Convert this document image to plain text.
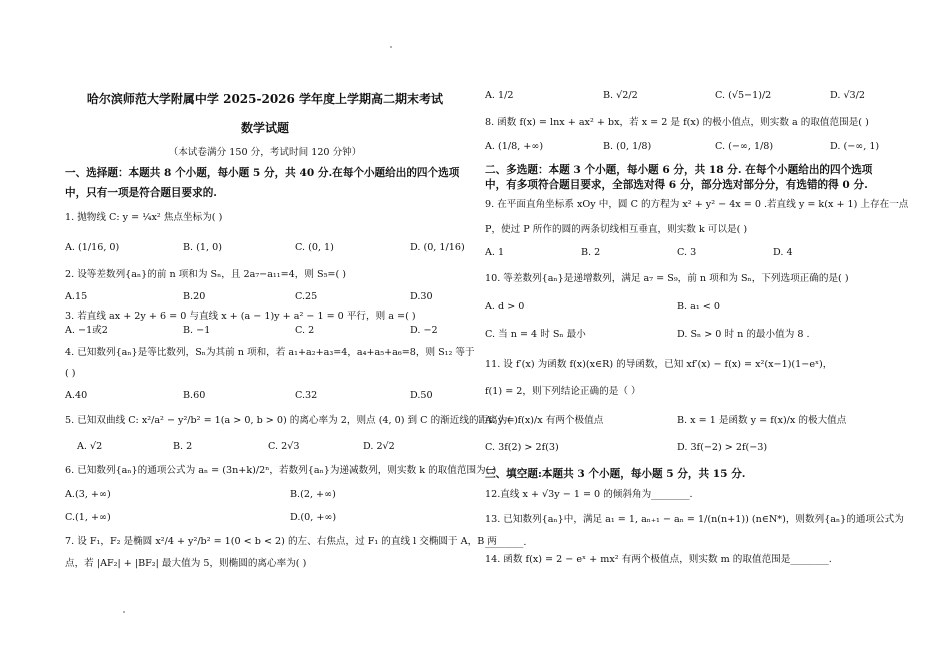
哈尔滨师范大学附属中学 2025-2026 学年度上学期高二期末考试
数学试题
（本试卷满分 150 分，考试时间 120 分钟）
一、选择题：本题共 8 个小题，每小题 5 分，共 40 分.在每个小题给出的四个选项
中，只有一项是符合题目要求的.
1. 抛物线 C: y = ¼x² 焦点坐标为( )
A. (1/16, 0)	B. (1, 0)	C. (0, 1)	D. (0, 1/16)
2. 设等差数列{aₙ}的前 n 项和为 Sₙ，且 2a₇−a₁₁=4，则 S₅=( )
A.15	B.20	C.25	D.30
3. 若直线 ax + 2y + 6 = 0 与直线 x + (a − 1)y + a² − 1 = 0 平行，则 a =( )
A. −1或2	B. −1	C. 2	D. −2
4. 已知数列{aₙ}是等比数列，Sₙ为其前 n 项和，若 a₁+a₂+a₃=4，a₄+a₅+a₆=8，则 S₁₂ 等于
( )
A.40	B.60	C.32	D.50
5. 已知双曲线 C: x²/a² − y²/b² = 1(a > 0, b > 0) 的离心率为 2，则点 (4, 0) 到 C 的渐近线的距离为( )
A. √2	B. 2	C. 2√3	D. 2√2
6. 已知数列{aₙ}的通项公式为 aₙ = (3n+k)/2ⁿ，若数列{aₙ}为递减数列，则实数 k 的取值范围为( )
A.(3, +∞)	B.(2, +∞)
C.(1, +∞)	D.(0, +∞)
7. 设 F₁，F₂ 是椭圆 x²/4 + y²/b² = 1(0 < b < 2) 的左、右焦点，过 F₁ 的直线 l 交椭圆于 A，B 两
点，若 |AF₂| + |BF₂| 最大值为 5，则椭圆的离心率为( )
A. 1/2	B. √2/2	C. (√5−1)/2	D. √3/2
8. 函数 f(x) = lnx + ax² + bx，若 x = 2 是 f(x) 的极小值点，则实数 a 的取值范围是( )
A. (1/8, +∞)	B. (0, 1/8)	C. (−∞, 1/8)	D. (−∞, 1)
二、多选题：本题 3 个小题，每小题 6 分，共 18 分. 在每个小题给出的四个选项
中，有多项符合题目要求，全部选对得 6 分，部分选对部分分，有选错的得 0 分.
9. 在平面直角坐标系 xOy 中，圆 C 的方程为 x² + y² − 4x = 0 .若直线 y = k(x + 1) 上存在一点
P，使过 P 所作的圆的两条切线相互垂直，则实数 k 可以是( )
A. 1	B. 2	C. 3	D. 4
10. 等差数列{aₙ}是递增数列，满足 a₇ = S₉，前 n 项和为 Sₙ，下列选项正确的是( )
A. d > 0	B. a₁ < 0
C. 当 n = 4 时 Sₙ 最小	D. Sₙ > 0 时 n 的最小值为 8 .
11. 设 f′(x) 为函数 f(x)(x∈R) 的导函数，已知 xf′(x) − f(x) = x²(x−1)(1−eˣ)，
f(1) = 2，则下列结论正确的是（ ）
A. y = f(x)/x 有两个极值点	B. x = 1 是函数 y = f(x)/x 的极大值点
C. 3f(2) > 2f(3)	D. 3f(−2) > 2f(−3)
三、填空题:本题共 3 个小题，每小题 5 分，共 15 分.
12.直线 x + √3y − 1 = 0 的倾斜角为________.
13. 已知数列{aₙ}中，满足 a₁ = 1, aₙ₊₁ − aₙ = 1/(n(n+1)) (n∈N*)，则数列{aₙ}的通项公式为
________.
14. 函数 f(x) = 2 − eˣ + mx² 有两个极值点，则实数 m 的取值范围是________.
